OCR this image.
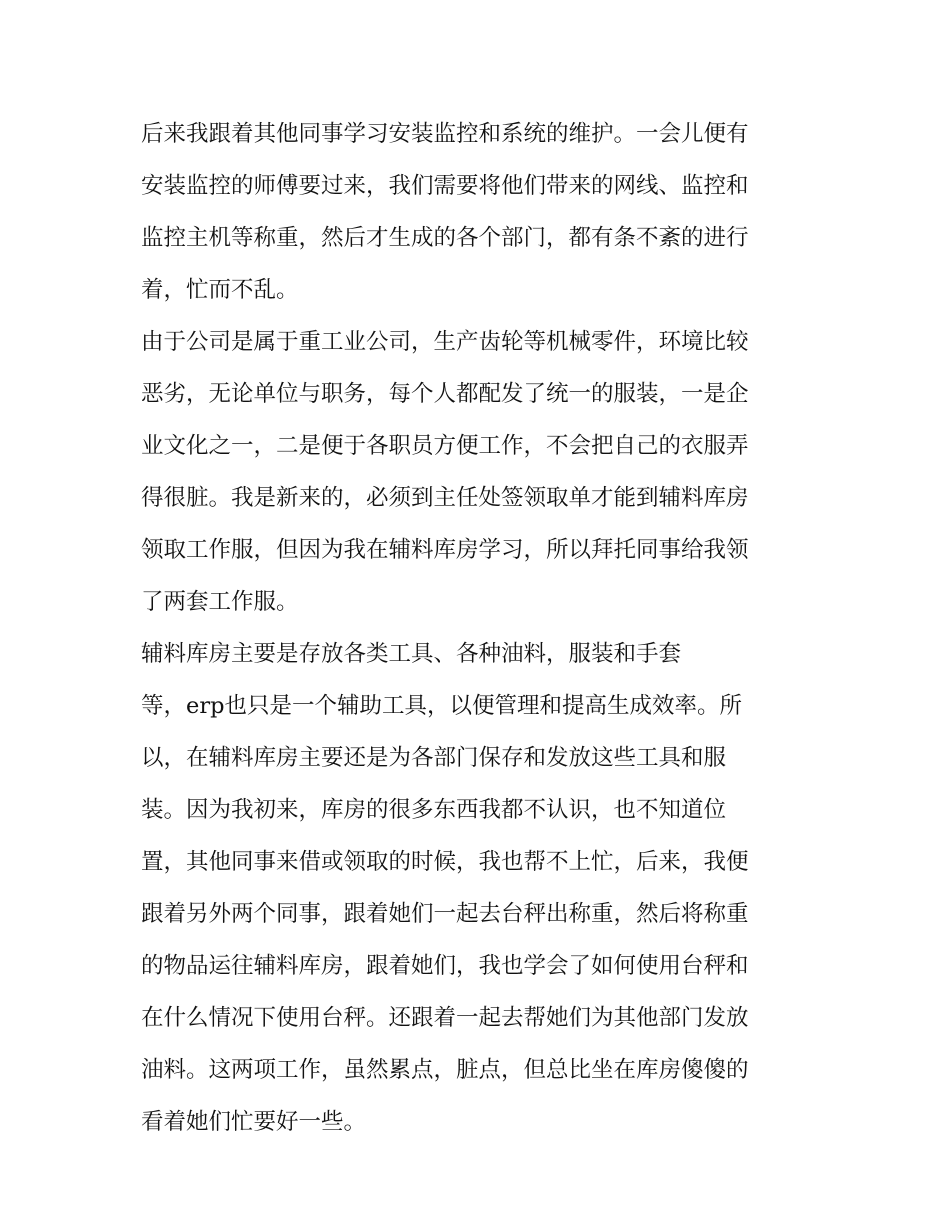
后来我跟着其他同事学习安装监控和系统的维护。一会儿便有
安装监控的师傅要过来，我们需要将他们带来的网线、监控和
监控主机等称重，然后才生成的各个部门，都有条不紊的进行
着，忙而不乱。
由于公司是属于重工业公司，生产齿轮等机械零件，环境比较
恶劣，无论单位与职务，每个人都配发了统一的服装，一是企
业文化之一，二是便于各职员方便工作，不会把自己的衣服弄
得很脏。我是新来的，必须到主任处签领取单才能到辅料库房
领取工作服，但因为我在辅料库房学习，所以拜托同事给我领
了两套工作服。
辅料库房主要是存放各类工具、各种油料，服装和手套
等，erp也只是一个辅助工具，以便管理和提高生成效率。所
以，在辅料库房主要还是为各部门保存和发放这些工具和服
装。因为我初来，库房的很多东西我都不认识，也不知道位
置，其他同事来借或领取的时候，我也帮不上忙，后来，我便
跟着另外两个同事，跟着她们一起去台秤出称重，然后将称重
的物品运往辅料库房，跟着她们，我也学会了如何使用台秤和
在什么情况下使用台秤。还跟着一起去帮她们为其他部门发放
油料。这两项工作，虽然累点，脏点，但总比坐在库房傻傻的
看着她们忙要好一些。
